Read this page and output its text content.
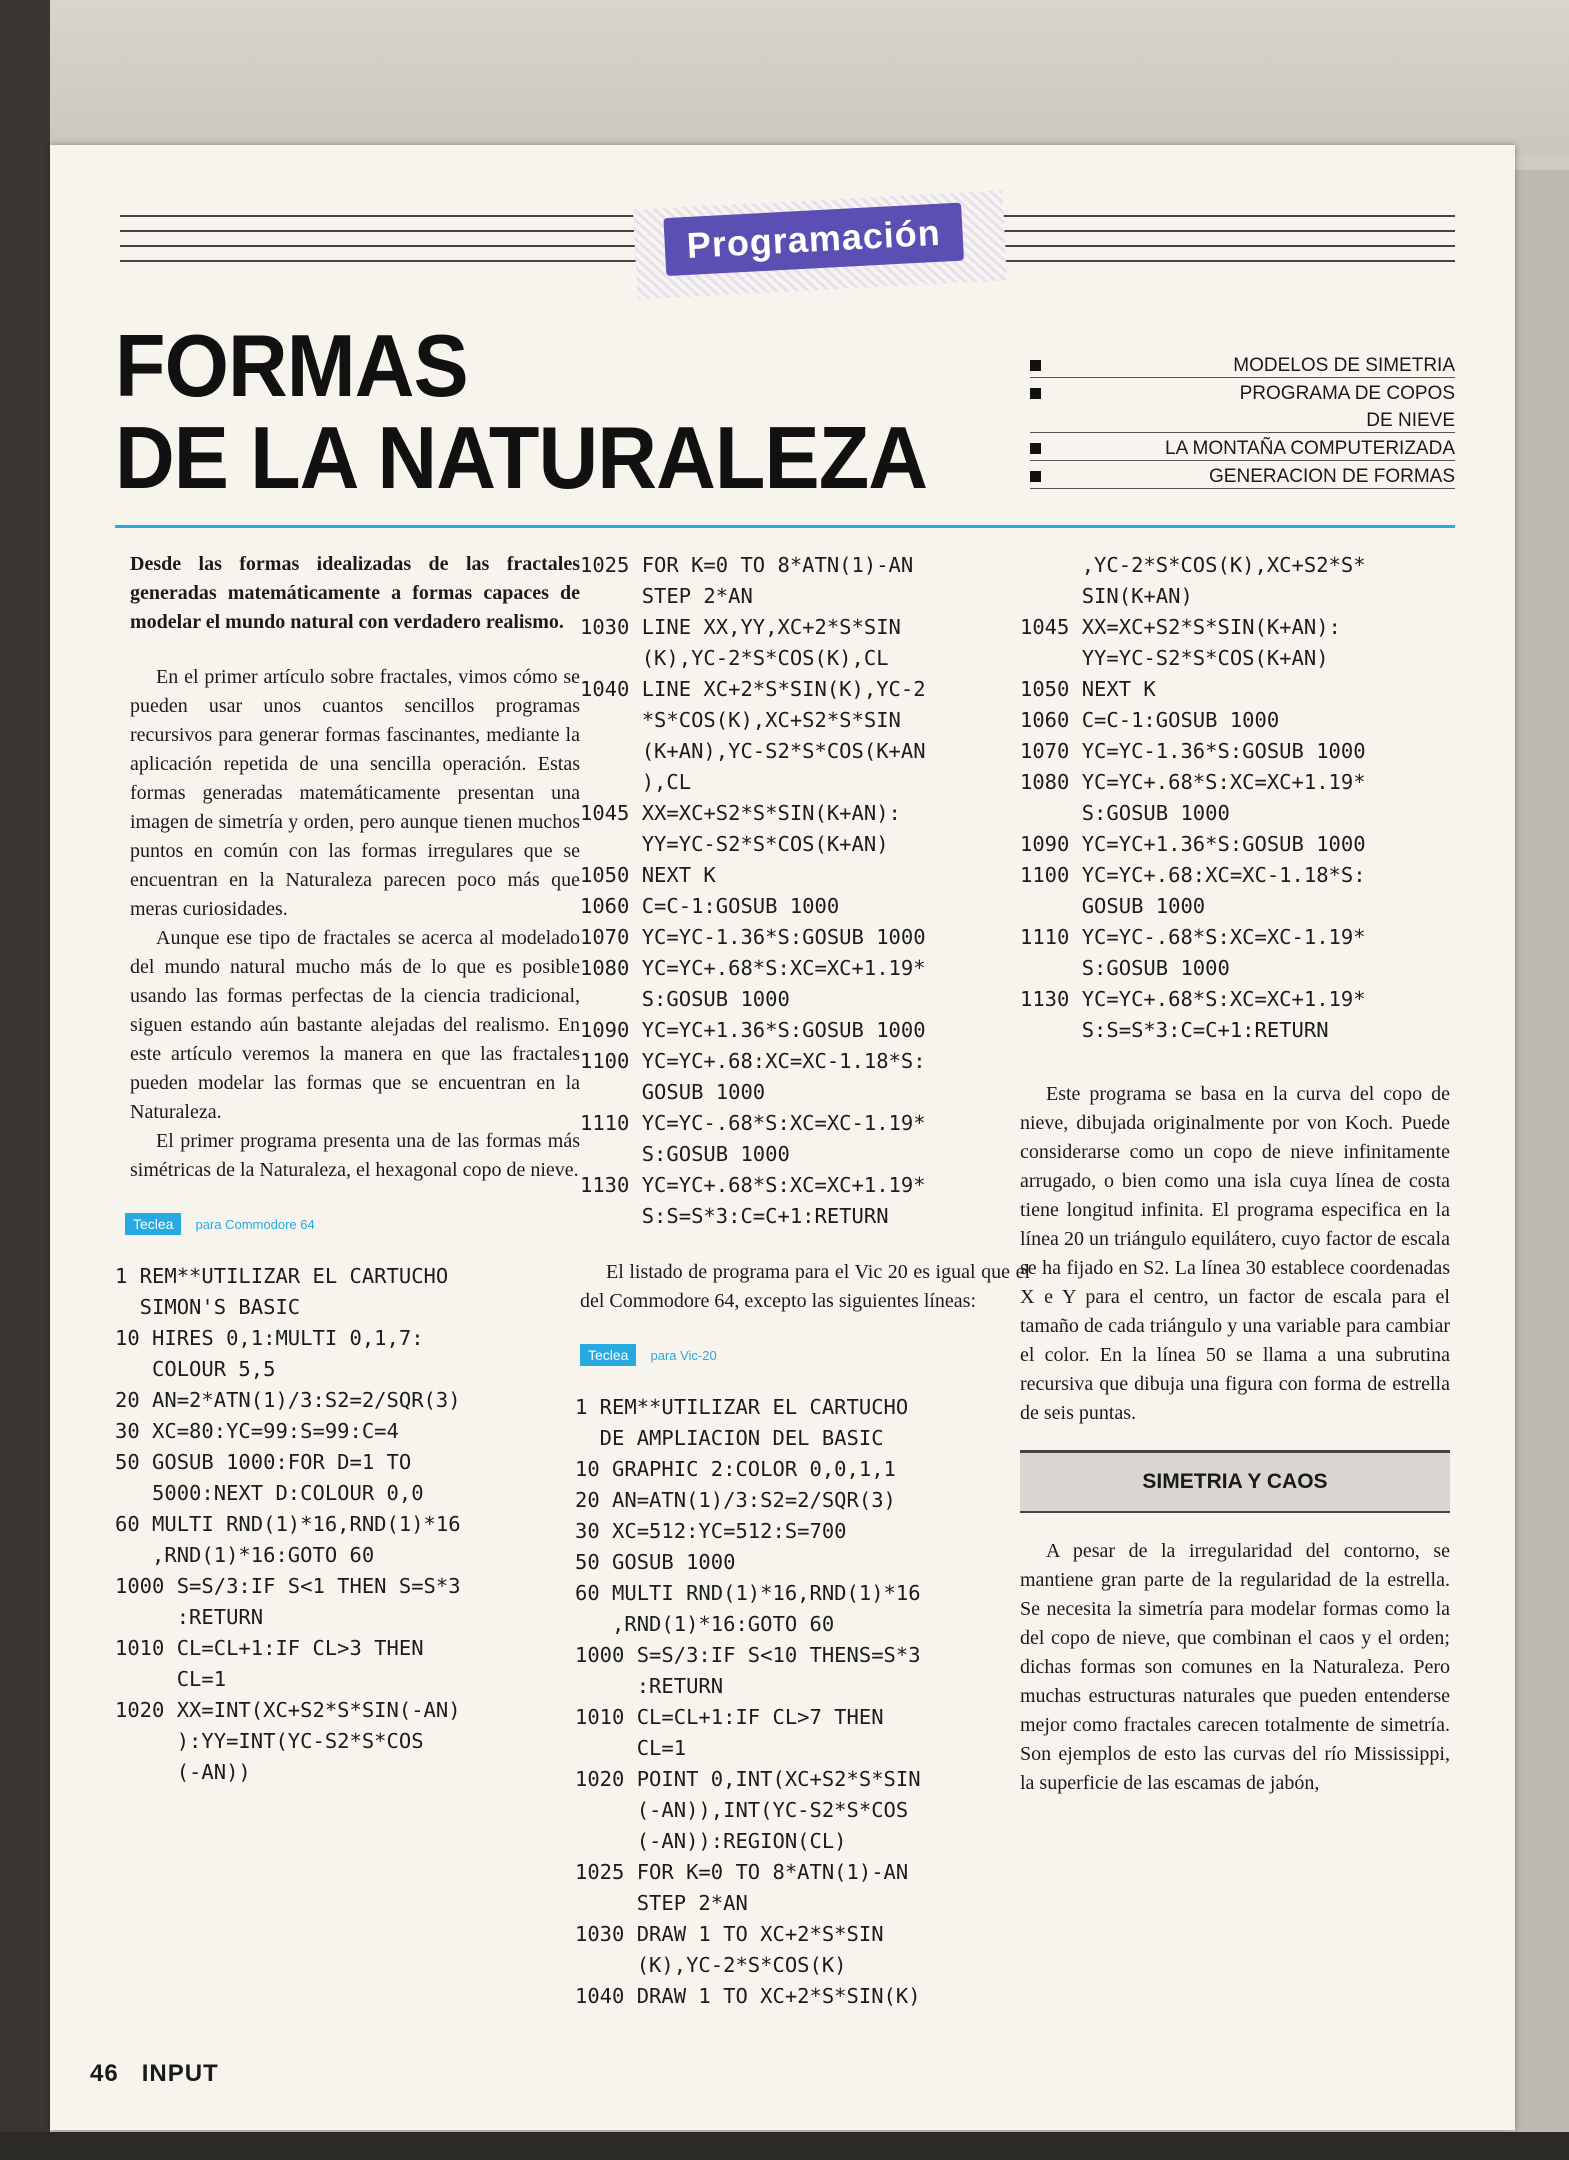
Programación
FORMAS
DE LA NATURALEZA
MODELOS DE SIMETRIA
PROGRAMA DE COPOS
DE NIEVE
LA MONTAÑA COMPUTERIZADA
GENERACION DE FORMAS

Desde las formas idealizadas de las fractales generadas matemáticamente a formas capaces de modelar el mundo natural con verdadero realismo.

En el primer artículo sobre fractales, vimos cómo se pueden usar unos cuantos sencillos programas recursivos para generar formas fascinantes, mediante la aplicación repetida de una sencilla operación. Estas formas generadas matemáticamente presentan una imagen de simetría y orden, pero aunque tienen muchos puntos en común con las formas irregulares que se encuentran en la Naturaleza parecen poco más que meras curiosidades.

Aunque ese tipo de fractales se acerca al modelado del mundo natural mucho más de lo que es posible usando las formas perfectas de la ciencia tradicional, siguen estando aún bastante alejadas del realismo. En este artículo veremos la manera en que las fractales pueden modelar las formas que se encuentran en la Naturaleza.

El primer programa presenta una de las formas más simétricas de la Naturaleza, el hexagonal copo de nieve.

Teclea	para Commodore 64
1 REM**UTILIZAR EL CARTUCHO
SIMON'S BASIC
10 HIRES 0,1:MULTI 0,1,7:
COLOUR 5,5
20 AN=2*ATN(1)/3:S2=2/SQR(3)
30 XC=80:YC=99:S=99:C=4
50 GOSUB 1000:FOR D=1 TO
5000:NEXT D:COLOUR 0,0
60 MULTI RND(1)*16,RND(1)*16
,RND(1)*16:GOTO 60
1000 S=S/3:IF S<1 THEN S=S*3
:RETURN
1010 CL=CL+1:IF CL>3 THEN
CL=1
1020 XX=INT(XC+S2*S*SIN(-AN)
):YY=INT(YC-S2*S*COS
(-AN))
1025 FOR K=0 TO 8*ATN(1)-AN
STEP 2*AN
1030 LINE XX,YY,XC+2*S*SIN
(K),YC-2*S*COS(K),CL
1040 LINE XC+2*S*SIN(K),YC-2
*S*COS(K),XC+S2*S*SIN
(K+AN),YC-S2*S*COS(K+AN
),CL
1045 XX=XC+S2*S*SIN(K+AN):
YY=YC-S2*S*COS(K+AN)
1050 NEXT K
1060 C=C-1:GOSUB 1000
1070 YC=YC-1.36*S:GOSUB 1000
1080 YC=YC+.68*S:XC=XC+1.19*
S:GOSUB 1000
1090 YC=YC+1.36*S:GOSUB 1000
1100 YC=YC+.68:XC=XC-1.18*S:
GOSUB 1000
1110 YC=YC-.68*S:XC=XC-1.19*
S:GOSUB 1000
1130 YC=YC+.68*S:XC=XC+1.19*
S:S=S*3:C=C+1:RETURN

El listado de programa para el Vic 20 es igual que el del Commodore 64, excepto las siguientes líneas:

Teclea	para Vic-20
1 REM**UTILIZAR EL CARTUCHO
DE AMPLIACION DEL BASIC
10 GRAPHIC 2:COLOR 0,0,1,1
20 AN=ATN(1)/3:S2=2/SQR(3)
30 XC=512:YC=512:S=700
50 GOSUB 1000
60 MULTI RND(1)*16,RND(1)*16
,RND(1)*16:GOTO 60
1000 S=S/3:IF S<10 THENS=S*3
:RETURN
1010 CL=CL+1:IF CL>7 THEN
CL=1
1020 POINT 0,INT(XC+S2*S*SIN
(-AN)),INT(YC-S2*S*COS
(-AN)):REGION(CL)
1025 FOR K=0 TO 8*ATN(1)-AN
STEP 2*AN
1030 DRAW 1 TO XC+2*S*SIN
(K),YC-2*S*COS(K)
1040 DRAW 1 TO XC+2*S*SIN(K)
,YC-2*S*COS(K),XC+S2*S*
SIN(K+AN)
1045 XX=XC+S2*S*SIN(K+AN):
YY=YC-S2*S*COS(K+AN)
1050 NEXT K
1060 C=C-1:GOSUB 1000
1070 YC=YC-1.36*S:GOSUB 1000
1080 YC=YC+.68*S:XC=XC+1.19*
S:GOSUB 1000
1090 YC=YC+1.36*S:GOSUB 1000
1100 YC=YC+.68:XC=XC-1.18*S:
GOSUB 1000
1110 YC=YC-.68*S:XC=XC-1.19*
S:GOSUB 1000
1130 YC=YC+.68*S:XC=XC+1.19*
S:S=S*3:C=C+1:RETURN

Este programa se basa en la curva del copo de nieve, dibujada originalmente por von Koch. Puede considerarse como un copo de nieve infinitamente arrugado, o bien como una isla cuya línea de costa tiene longitud infinita. El programa especifica en la línea 20 un triángulo equilátero, cuyo factor de escala se ha fijado en S2. La línea 30 establece coordenadas X e Y para el centro, un factor de escala para el tamaño de cada triángulo y una variable para cambiar el color. En la línea 50 se llama a una subrutina recursiva que dibuja una figura con forma de estrella de seis puntas.

SIMETRIA Y CAOS

A pesar de la irregularidad del contorno, se mantiene gran parte de la regularidad de la estrella. Se necesita la simetría para modelar formas como la del copo de nieve, que combinan el caos y el orden; dichas formas son comunes en la Naturaleza. Pero muchas estructuras naturales que pueden entenderse mejor como fractales carecen totalmente de simetría. Son ejemplos de esto las curvas del río Mississippi, la superficie de las escamas de jabón,

46 INPUT
